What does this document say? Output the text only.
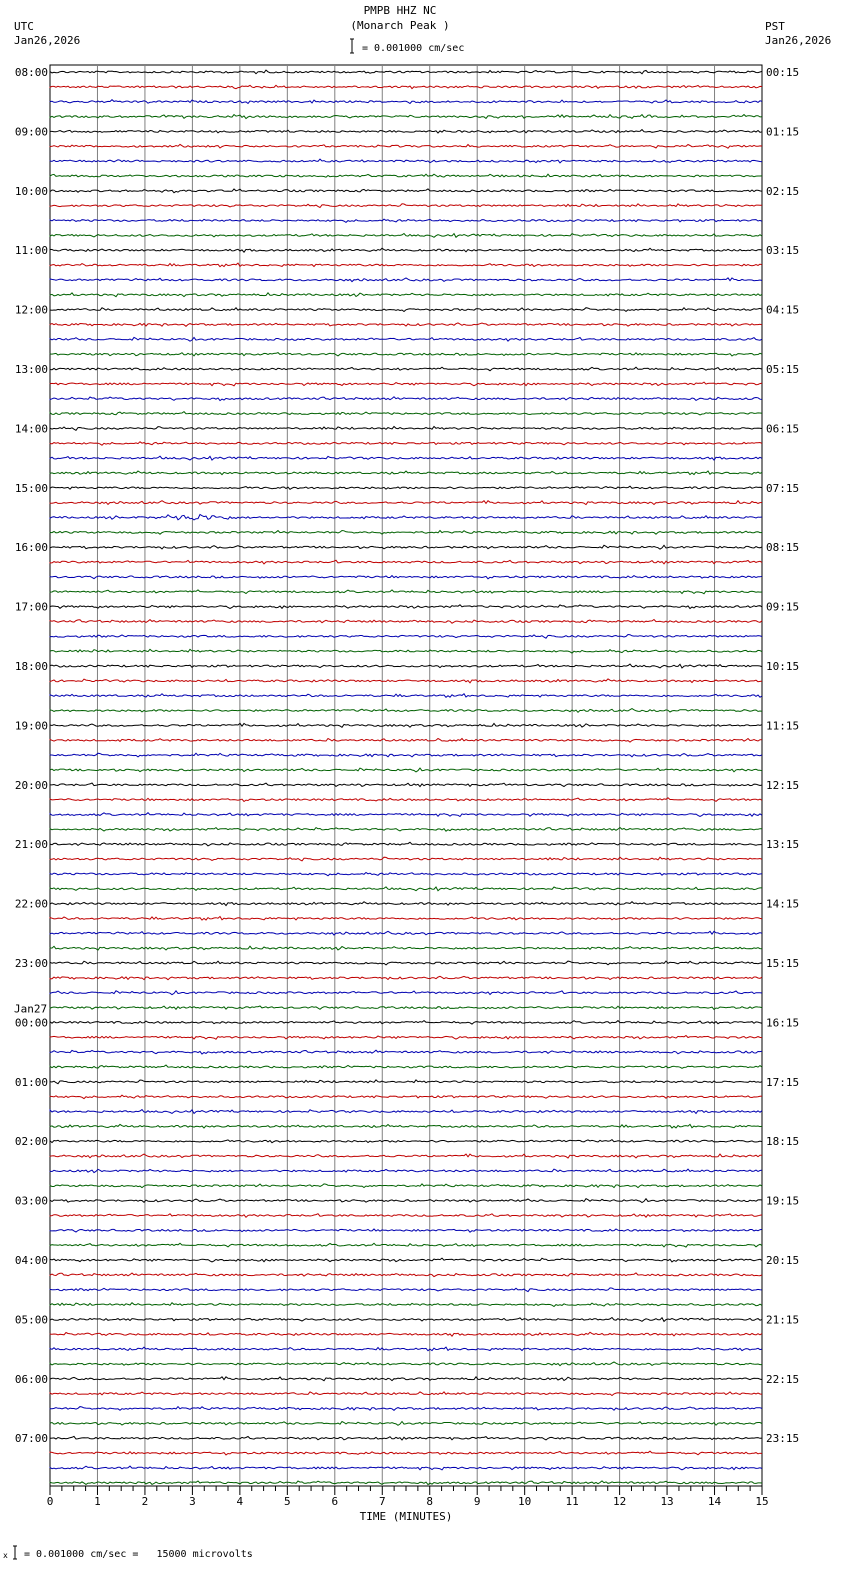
PMPB HHZ NC
(Monarch Peak )
UTC
Jan26,2026
PST
Jan26,2026
= 0.001000 cm/sec
= 0.001000 cm/sec =   15000 microvolts
08:00	00:15
09:00	01:15
10:00	02:15
11:00	03:15
12:00	04:15
13:00	05:15
14:00	06:15
15:00	07:15
16:00	08:15
17:00	09:15
18:00	10:15
19:00	11:15
20:00	12:15
21:00	13:15
22:00	14:15
23:00	15:15
00:00	16:15
Jan27
01:00	17:15
02:00	18:15
03:00	19:15
04:00	20:15
05:00	21:15
06:00	22:15
07:00	23:15
0	1	2	3	4	5	6	7	8	9	10	11	12	13	14	15
TIME (MINUTES)
x
